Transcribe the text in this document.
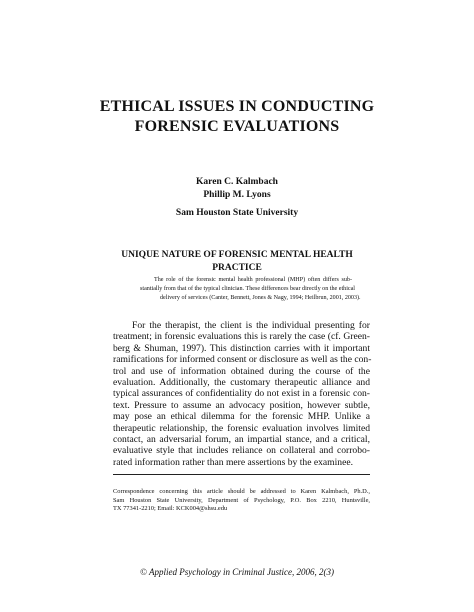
ETHICAL ISSUES IN CONDUCTING
FORENSIC EVALUATIONS
Karen C. Kalmbach
Phillip M. Lyons
Sam Houston State University
UNIQUE NATURE OF FORENSIC MENTAL HEALTH
PRACTICE
The role of the forensic mental health professional (MHP) often differs sub-
stantially from that of the typical clinician. These differences bear directly on the ethical
delivery of services (Canter, Bennett, Jones & Nagy, 1994; Heilbrun, 2001, 2003).
For the therapist, the client is the individual presenting for
treatment; in forensic evaluations this is rarely the case (cf. Green-
berg & Shuman, 1997). This distinction carries with it important
ramifications for informed consent or disclosure as well as the con-
trol and use of information obtained during the course of the
evaluation. Additionally, the customary therapeutic alliance and
typical assurances of confidentiality do not exist in a forensic con-
text. Pressure to assume an advocacy position, however subtle,
may pose an ethical dilemma for the forensic MHP. Unlike a
therapeutic relationship, the forensic evaluation involves limited
contact, an adversarial forum, an impartial stance, and a critical,
evaluative style that includes reliance on collateral and corrobo-
rated information rather than mere assertions by the examinee.
Correspondence concerning this article should be addressed to Karen Kalmbach, Ph.D.,
Sam Houston State University, Department of Psychology, P.O. Box 2210, Huntsville,
TX 77341-2210; Email: KCK004@shsu.edu
© Applied Psychology in Criminal Justice, 2006, 2(3)
